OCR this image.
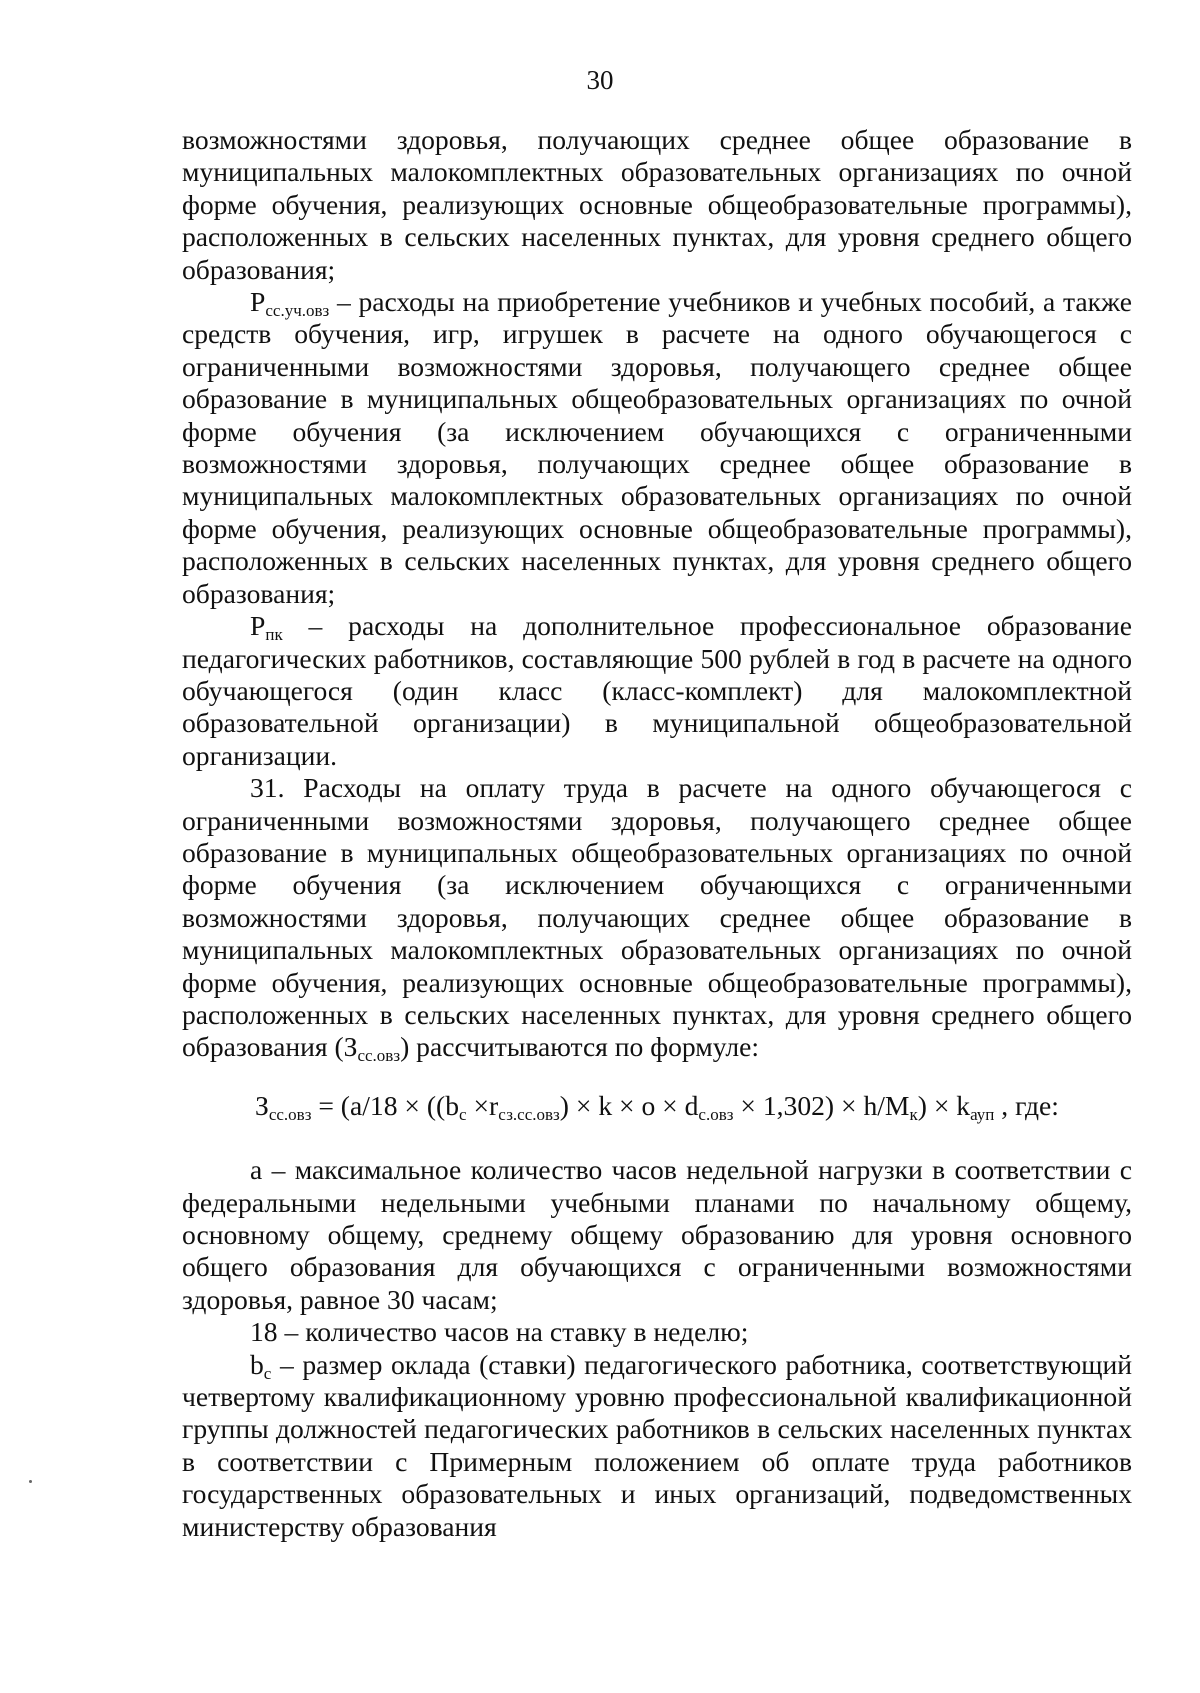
30

возможностями здоровья, получающих среднее общее образование в муниципальных малокомплектных образовательных организациях по очной форме обучения, реализующих основные общеобразовательные программы), расположенных в сельских населенных пунктах, для уровня среднего общего образования;

$P_{сс.уч.овз}$ – расходы на приобретение учебников и учебных пособий, а также средств обучения, игр, игрушек в расчете на одного обучающегося с ограниченными возможностями здоровья, получающего среднее общее образование в муниципальных общеобразовательных организациях по очной форме обучения (за исключением обучающихся с ограниченными возможностями здоровья, получающих среднее общее образование в муниципальных малокомплектных образовательных организациях по очной форме обучения, реализующих основные общеобразовательные программы), расположенных в сельских населенных пунктах, для уровня среднего общего образования;

$P_{пк}$ – расходы на дополнительное профессиональное образование педагогических работников, составляющие 500 рублей в год в расчете на одного обучающегося (один класс (класс-комплект) для малокомплектной образовательной организации) в муниципальной общеобразовательной организации.

31. Расходы на оплату труда в расчете на одного обучающегося с ограниченными возможностями здоровья, получающего среднее общее образование в муниципальных общеобразовательных организациях по очной форме обучения (за исключением обучающихся с ограниченными возможностями здоровья, получающих среднее общее образование в муниципальных малокомплектных образовательных организациях по очной форме обучения, реализующих основные общеобразовательные программы), расположенных в сельских населенных пунктах, для уровня среднего общего образования $(З_{сс.овз})$ рассчитываются по формуле:

$З_{сс.овз} = (a/18 \times ((b_c \times r_{сз.сс.овз}) \times k \times o \times d_{с.овз} \times 1,302) \times h/M_к) \times k_{ауп}$ , где:

а – максимальное количество часов недельной нагрузки в соответствии с федеральными недельными учебными планами по начальному общему, основному общему, среднему общему образованию для уровня основного общего образования для обучающихся с ограниченными возможностями здоровья, равное 30 часам;

18 – количество часов на ставку в неделю;

$b_c$ – размер оклада (ставки) педагогического работника, соответствующий четвертому квалификационному уровню профессиональной квалификационной группы должностей педагогических работников в сельских населенных пунктах в соответствии с Примерным положением об оплате труда работников государственных образовательных и иных организаций, подведомственных министерству образования
